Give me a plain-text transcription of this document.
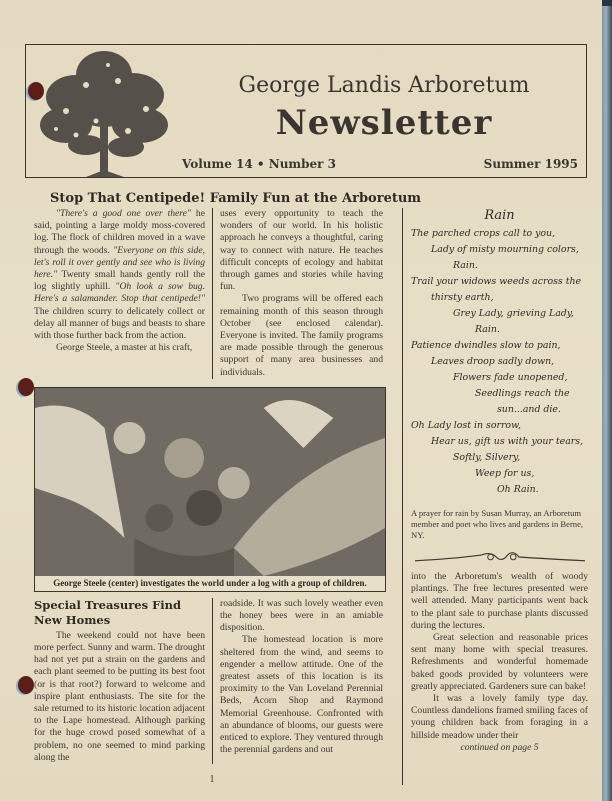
George Landis Arboretum
Newsletter
Volume 14 • Number 3	Summer 1995
Stop That Centipede! Family Fun at the Arboretum

"There's a good one over there" he said, pointing a large moldy moss-covered log. The flock of children moved in a wave through the woods. "Everyone on this side, let's roll it over gently and see who is living here." Twenty small hands gently roll the log slightly uphill. "Oh look a sow bug. Here's a salamander. Stop that centipede!" The children scurry to delicately collect or delay all manner of bugs and beasts to share with those further back from the action.

George Steele, a master at his craft,

uses every opportunity to teach the wonders of our world. In his holistic approach he conveys a thoughtful, caring way to connect with nature. He teaches difficult concepts of ecology and habitat through games and stories while having fun.

Two programs will be offered each remaining month of this season through October (see enclosed calendar). Everyone is invited. The family programs are made possible through the generous support of many area businesses and individuals.

George Steele (center) investigates the world under a log with a group of children.
Special Treasures Find
New Homes

The weekend could not have been more perfect. Sunny and warm. The drought had not yet put a strain on the gardens and each plant seemed to be putting its best foot (or is that root?) forward to welcome and inspire plant enthusiasts. The site for the sale returned to its historic location adjacent to the Lape homestead. Although parking for the huge crowd posed somewhat of a problem, no one seemed to mind parking along the

roadside. It was such lovely weather even the honey bees were in an amiable disposition.

The homestead location is more sheltered from the wind, and seems to engender a mellow attitude. One of the greatest assets of this location is its proximity to the Van Loveland Perennial Beds, Acorn Shop and Raymond Memorial Greenhouse. Confronted with an abundance of blooms, our guests were enticed to explore. They ventured through the perennial gardens and out

1
Rain
The parched crops call to you,
Lady of misty mourning colors,
Rain.
Trail your widows weeds across the
thirsty earth,
Grey Lady, grieving Lady,
Rain.
Patience dwindles slow to pain,
Leaves droop sadly down,
Flowers fade unopened,
Seedlings reach the
sun...and die.
Oh Lady lost in sorrow,
Hear us, gift us with your tears,
Softly, Silvery,
Weep for us,
Oh Rain.
A prayer for rain by Susan Murray, an Arboretum member and poet who lives and gardens in Berne, NY.

into the Arboretum's wealth of woody plantings. The free lectures presented were well attended. Many participants went back to the plant sale to purchase plants discussed during the lectures.

Great selection and reasonable prices sent many home with special treasures. Refreshments and wonderful homemade baked goods provided by volunteers were greatly appreciated. Gardeners sure can bake!

It was a lovely family type day. Countless dandelions framed smiling faces of young children back from foraging in a hillside meadow under their

continued on page 5
